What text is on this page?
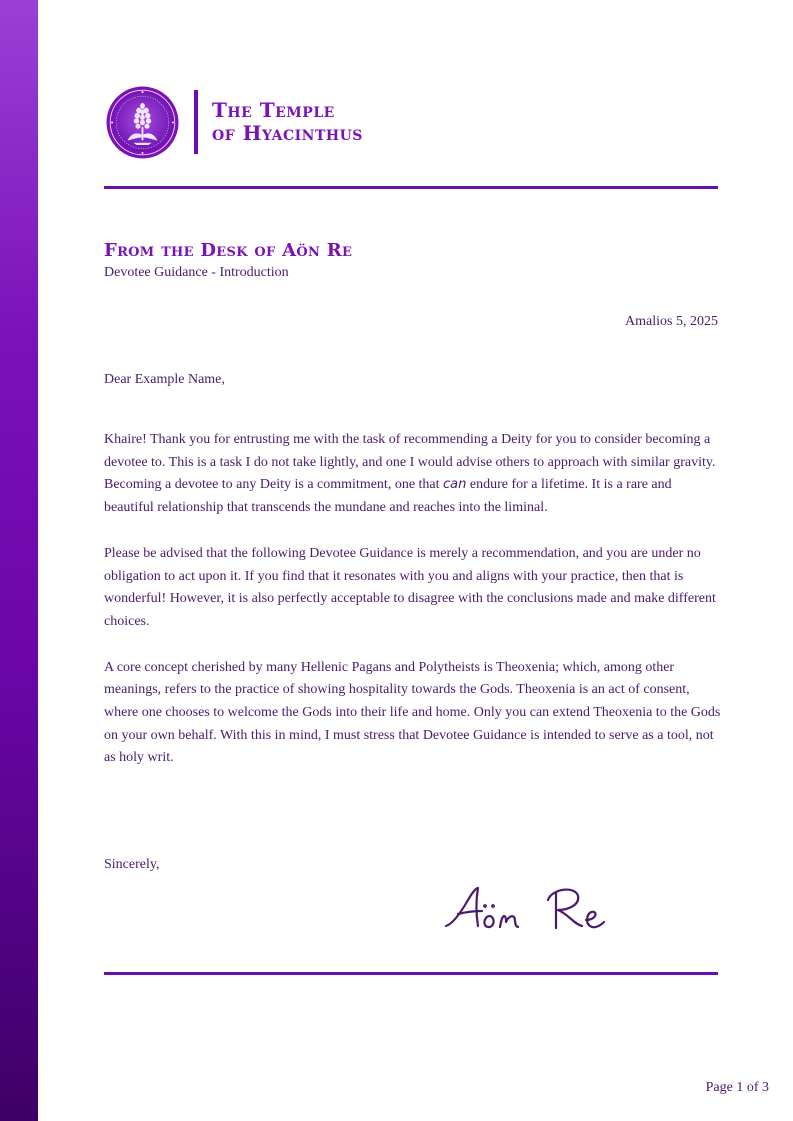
The Temple
of Hyacinthus
From the Desk of Aön Re
Devotee Guidance - Introduction
Amalios 5, 2025
Dear Example Name,

Khaire! Thank you for entrusting me with the task of recommending a Deity for you to consider becoming a devotee to. This is a task I do not take lightly, and one I would advise others to approach with similar gravity. Becoming a devotee to any Deity is a commitment, one that can endure for a lifetime. It is a rare and beautiful relationship that transcends the mundane and reaches into the liminal.

Please be advised that the following Devotee Guidance is merely a recommendation, and you are under no obligation to act upon it. If you find that it resonates with you and aligns with your practice, then that is wonderful! However, it is also perfectly acceptable to disagree with the conclusions made and make different choices.

A core concept cherished by many Hellenic Pagans and Polytheists is Theoxenia; which, among other meanings, refers to the practice of showing hospitality towards the Gods. Theoxenia is an act of consent, where one chooses to welcome the Gods into their life and home. Only you can extend Theoxenia to the Gods on your own behalf. With this in mind, I must stress that Devotee Guidance is intended to serve as a tool, not as holy writ.

Sincerely,
Page 1 of 3
